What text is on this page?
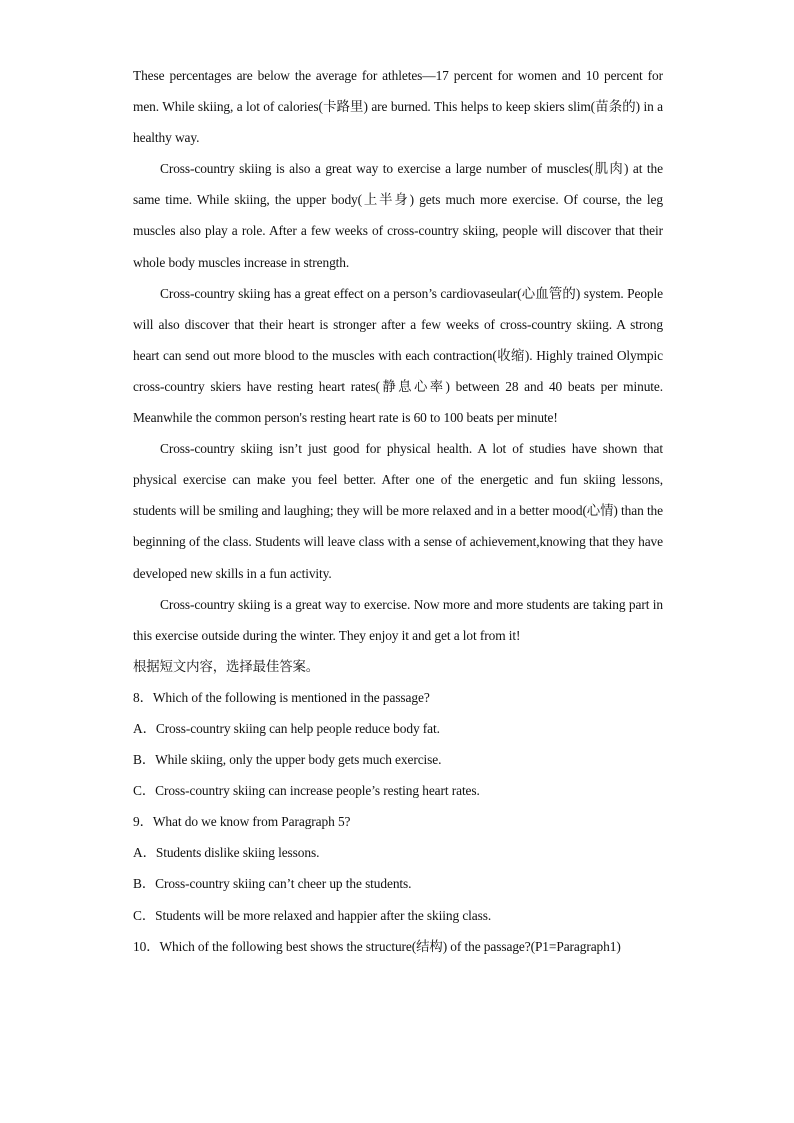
These percentages are below the average for athletes—17 percent for women and 10 percent for men. While skiing, a lot of calories(卡路里) are burned. This helps to keep skiers slim(苗条的) in a healthy way.

Cross-country skiing is also a great way to exercise a large number of muscles(肌肉) at the same time. While skiing, the upper body(上半身) gets much more exercise. Of course, the leg muscles also play a role. After a few weeks of cross-country skiing, people will discover that their whole body muscles increase in strength.

Cross-country skiing has a great effect on a person’s cardiovaseular(心血管的) system. People will also discover that their heart is stronger after a few weeks of cross-country skiing. A strong heart can send out more blood to the muscles with each contraction(收缩). Highly trained Olympic cross-country skiers have resting heart rates(静息心率) between 28 and 40 beats per minute. Meanwhile the common person's resting heart rate is 60 to 100 beats per minute!

Cross-country skiing isn’t just good for physical health. A lot of studies have shown that physical exercise can make you feel better. After one of the energetic and fun skiing lessons, students will be smiling and laughing; they will be more relaxed and in a better mood(心情) than the beginning of the class. Students will leave class with a sense of achievement,knowing that they have developed new skills in a fun activity.

Cross-country skiing is a great way to exercise. Now more and more students are taking part in this exercise outside during the winter. They enjoy it and get a lot from it!

根据短文内容，选择最佳答案。

8．Which of the following is mentioned in the passage?

A．Cross-country skiing can help people reduce body fat.

B．While skiing, only the upper body gets much exercise.

C．Cross-country skiing can increase people’s resting heart rates.

9．What do we know from Paragraph 5?

A．Students dislike skiing lessons.

B．Cross-country skiing can’t cheer up the students.

C．Students will be more relaxed and happier after the skiing class.

10．Which of the following best shows the structure(结构) of the passage?(P1=Paragraph1)
